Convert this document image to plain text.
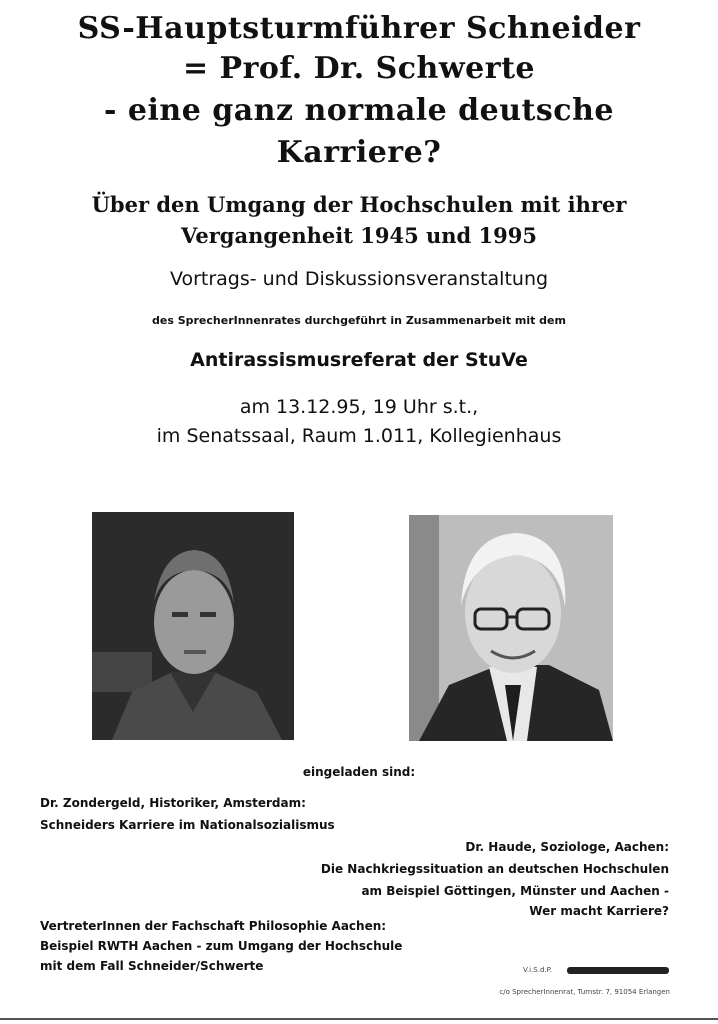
SS-Hauptsturmführer Schneider
= Prof. Dr. Schwerte
- eine ganz normale deutsche
Karriere?
Über den Umgang der Hochschulen mit ihrer
Vergangenheit 1945 und 1995
Vortrags- und Diskussionsveranstaltung
des SprecherInnenrates durchgeführt in Zusammenarbeit mit dem
Antirassismusreferat der StuVe
am 13.12.95, 19 Uhr s.t.,
im Senatssaal, Raum 1.011, Kollegienhaus
eingeladen sind:
Dr. Zondergeld, Historiker, Amsterdam:
Schneiders Karriere im Nationalsozialismus
Dr. Haude, Soziologe, Aachen:
Die Nachkriegssituation an deutschen Hochschulen
am Beispiel Göttingen, Münster und Aachen -
Wer macht Karriere?
VertreterInnen der Fachschaft Philosophie Aachen:
Beispiel RWTH Aachen - zum Umgang der Hochschule
mit dem Fall Schneider/Schwerte	V.i.S.d.P.
c/o SprecherInnenrat, Turnstr. 7, 91054 Erlangen
